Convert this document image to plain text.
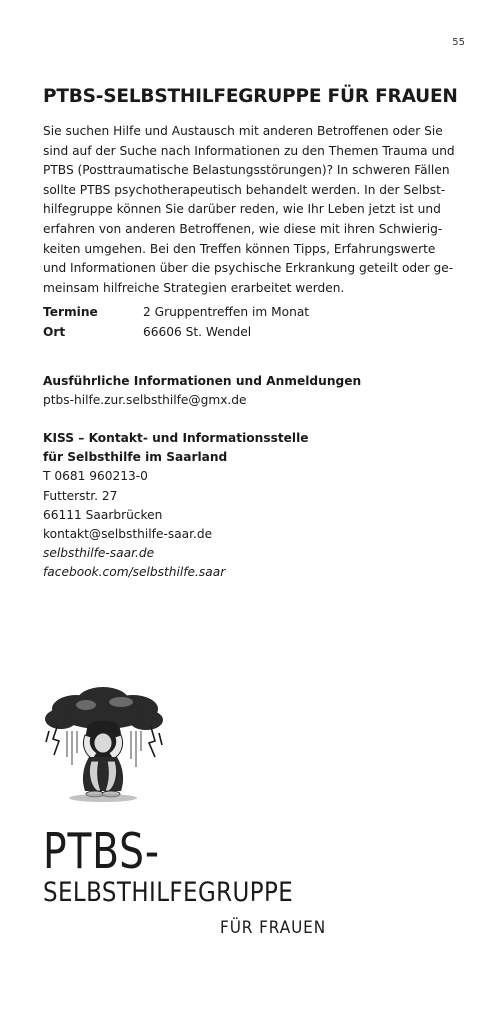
55
PTBS-SELBSTHILFEGRUPPE FÜR FRAUEN
Sie suchen Hilfe und Austausch mit anderen Betroffenen oder Sie
sind auf der Suche nach Informationen zu den Themen Trauma und
PTBS (Posttraumatische Belastungsstörungen)? In schweren Fällen
sollte PTBS psychotherapeutisch behandelt werden. In der Selbst-
hilfegruppe können Sie darüber reden, wie Ihr Leben jetzt ist und
erfahren von anderen Betroffenen, wie diese mit ihren Schwierig-
keiten umgehen. Bei den Treffen können Tipps, Erfahrungswerte
und Informationen über die psychische Erkrankung geteilt oder ge-
meinsam hilfreiche Strategien erarbeitet werden.
Termine	2 Gruppentreffen im Monat
Ort	66606 St. Wendel
Ausführliche Informationen und Anmeldungen
ptbs-hilfe.zur.selbsthilfe@gmx.de
KISS – Kontakt- und Informationsstelle
für Selbsthilfe im Saarland
T 0681 960213-0
Futterstr. 27
66111 Saarbrücken
kontakt@selbsthilfe-saar.de
selbsthilfe-saar.de
facebook.com/selbsthilfe.saar
PTBS-
SELBSTHILFEGRUPPE
FÜR FRAUEN
